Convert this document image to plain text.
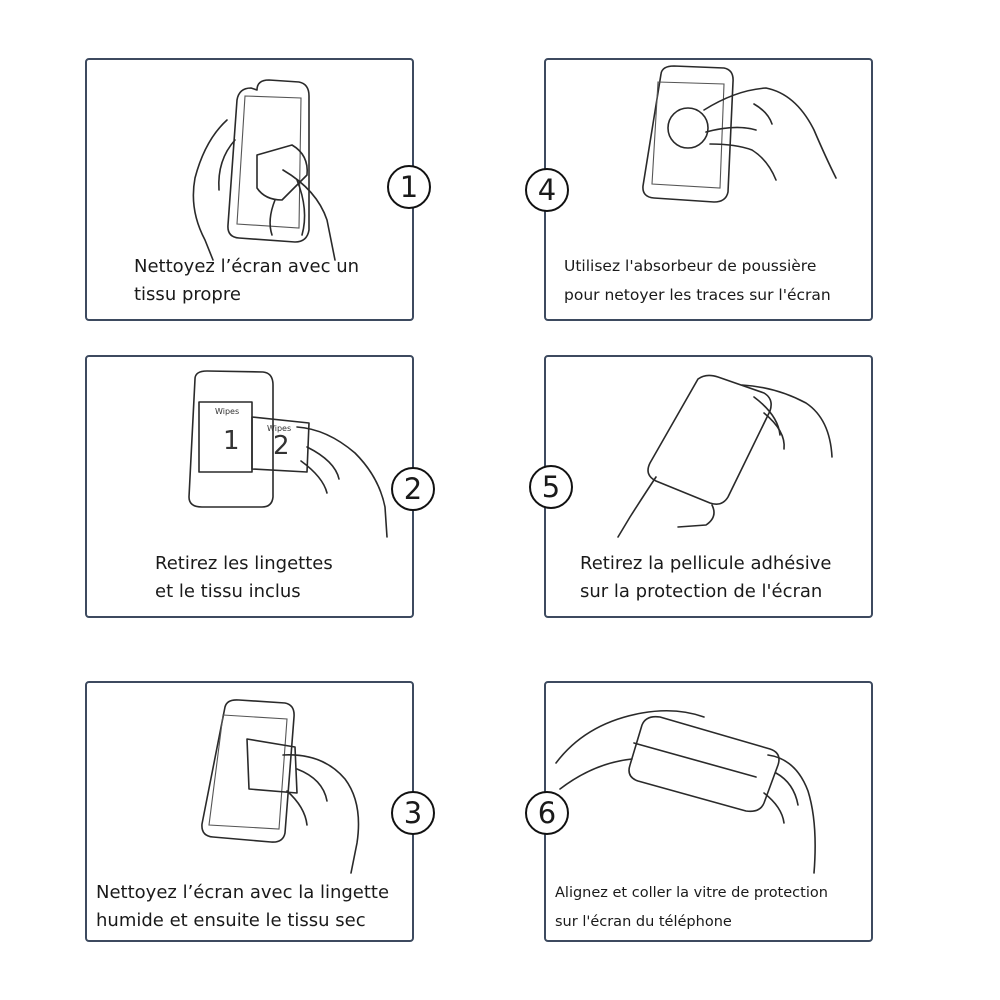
1
Nettoyez l’écran avec un
tissu propre
4
Utilisez l'absorbeur de poussière
pour netoyer les traces sur l'écran
Wipes
Wipes
1 2
2
Retirez les lingettes
et le tissu inclus
5
Retirez la pellicule adhésive
sur la protection de l'écran
3
Nettoyez l’écran avec la lingette
humide et ensuite le tissu sec
6
Alignez et coller la vitre de protection
sur l'écran du téléphone
